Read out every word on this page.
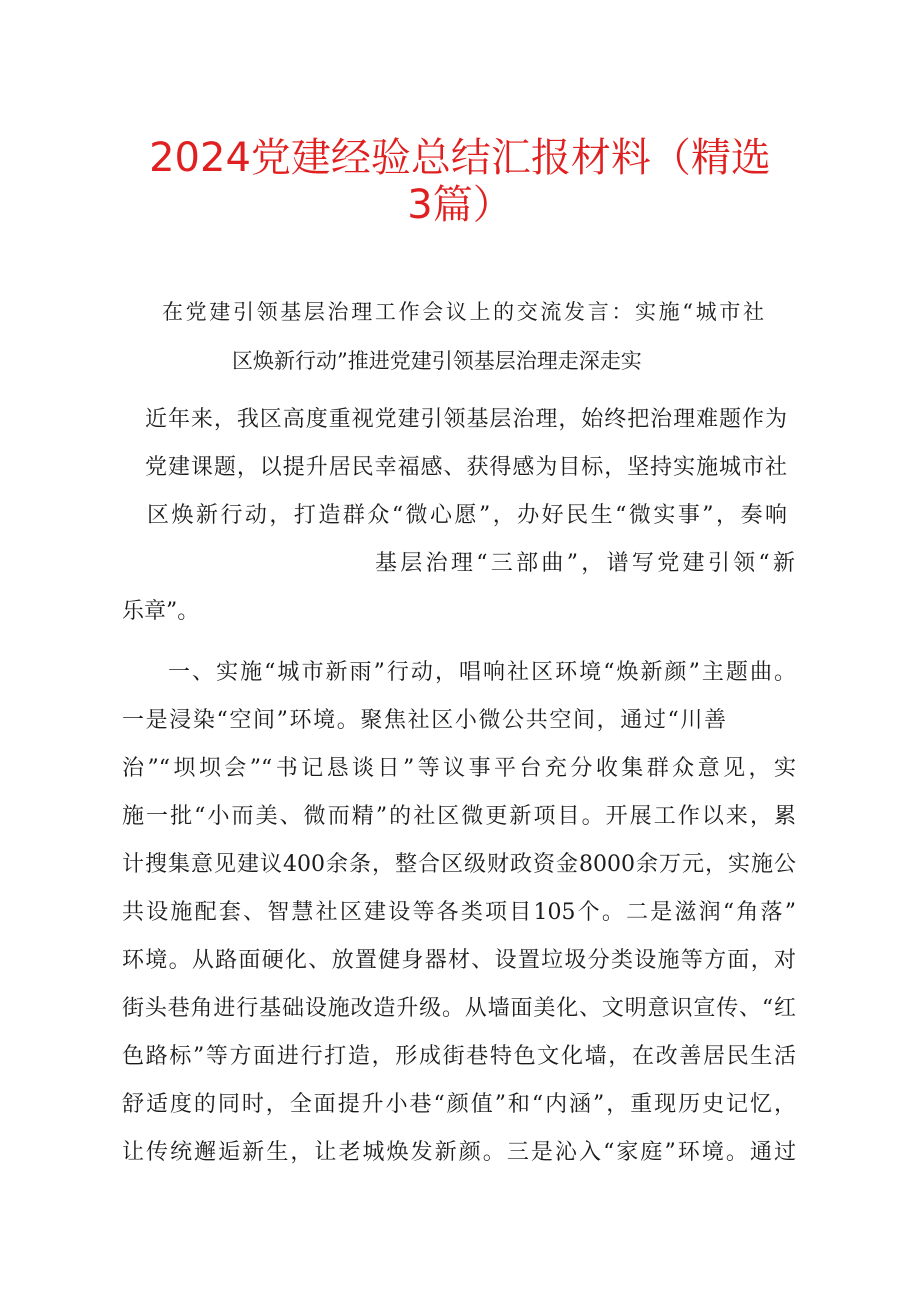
2024党建经验总结汇报材料（精选
3篇）
在党建引领基层治理工作会议上的交流发言：实施“城市社
区焕新行动”推进党建引领基层治理走深走实
近年来，我区高度重视党建引领基层治理，始终把治理难题作为
党建课题，以提升居民幸福感、获得感为目标，坚持实施城市社
区焕新行动，打造群众“微心愿”，办好民生“微实事”，奏响
基层治理“三部曲”，谱写党建引领“新
乐章”。
一、实施“城市新雨”行动，唱响社区环境“焕新颜”主题曲。
一是浸染“空间”环境。聚焦社区小微公共空间，通过“川善
治”“坝坝会”“书记恳谈日”等议事平台充分收集群众意见，实
施一批“小而美、微而精”的社区微更新项目。开展工作以来，累
计搜集意见建议400余条，整合区级财政资金8000余万元，实施公
共设施配套、智慧社区建设等各类项目105个。二是滋润“角落”
环境。从路面硬化、放置健身器材、设置垃圾分类设施等方面，对
街头巷角进行基础设施改造升级。从墙面美化、文明意识宣传、“红
色路标”等方面进行打造，形成街巷特色文化墙，在改善居民生活
舒适度的同时，全面提升小巷“颜值”和“内涵”，重现历史记忆，
让传统邂逅新生，让老城焕发新颜。三是沁入“家庭”环境。通过
